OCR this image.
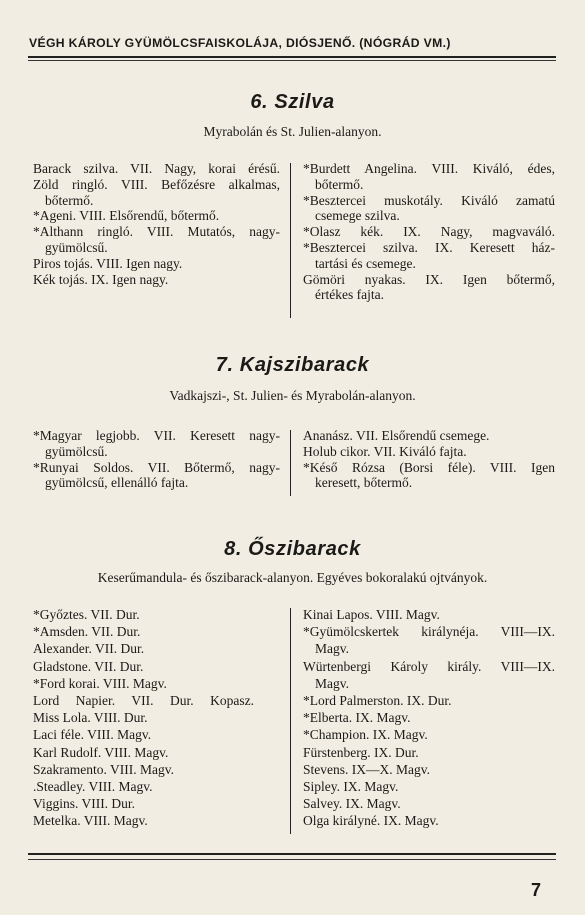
VÉGH KÁROLY GYÜMÖLCSFAISKOLÁJA, DIÓSJENŐ. (NÓGRÁD VM.)
6. Szilva
Myrabolán és St. Julien-alanyon.
Barack szilva. VII. Nagy, korai érésű.
Zöld ringló. VIII. Befőzésre alkalmas,
bőtermő.
*Ageni. VIII. Elsőrendű, bőtermő.
*Althann ringló. VIII. Mutatós, nagy-
gyümölcsű.
Piros tojás. VIII. Igen nagy.
Kék tojás. IX. Igen nagy.
*Burdett Angelina. VIII. Kiváló, édes,
bőtermő.
*Besztercei muskotály. Kiváló zamatú
csemege szilva.
*Olasz kék. IX. Nagy, magvaváló.
*Besztercei szilva. IX. Keresett ház-
tartási és csemege.
Gömöri nyakas. IX. Igen bőtermő,
értékes fajta.
7. Kajszibarack
Vadkajszi-, St. Julien- és Myrabolán-alanyon.
*Magyar legjobb. VII. Keresett nagy-
gyümölcsű.
*Runyai Soldos. VII. Bőtermő, nagy-
gyümölcsű, ellenálló fajta.
Ananász. VII. Elsőrendű csemege.
Holub cikor. VII. Kiváló fajta.
*Késő Rózsa (Borsi féle). VIII. Igen
keresett, bőtermő.
8. Őszibarack
Keserűmandula- és őszibarack-alanyon. Egyéves bokoralakú ojtványok.
*Győztes. VII. Dur.
*Amsden. VII. Dur.
Alexander. VII. Dur.
Gladstone. VII. Dur.
*Ford korai. VIII. Magv.
Lord Napier. VII. Dur. Kopasz.
Miss Lola. VIII. Dur.
Laci féle. VIII. Magv.
Karl Rudolf. VIII. Magv.
Szakramento. VIII. Magv.
.Steadley. VIII. Magv.
Viggins. VIII. Dur.
Metelka. VIII. Magv.
Kinai Lapos. VIII. Magv.
*Gyümölcskertek királynéja. VIII—IX.
Magv.
Würtenbergi Károly király. VIII—IX.
Magv.
*Lord Palmerston. IX. Dur.
*Elberta. IX. Magv.
*Champion. IX. Magv.
Fürstenberg. IX. Dur.
Stevens. IX—X. Magv.
Sipley. IX. Magv.
Salvey. IX. Magv.
Olga királyné. IX. Magv.
7
